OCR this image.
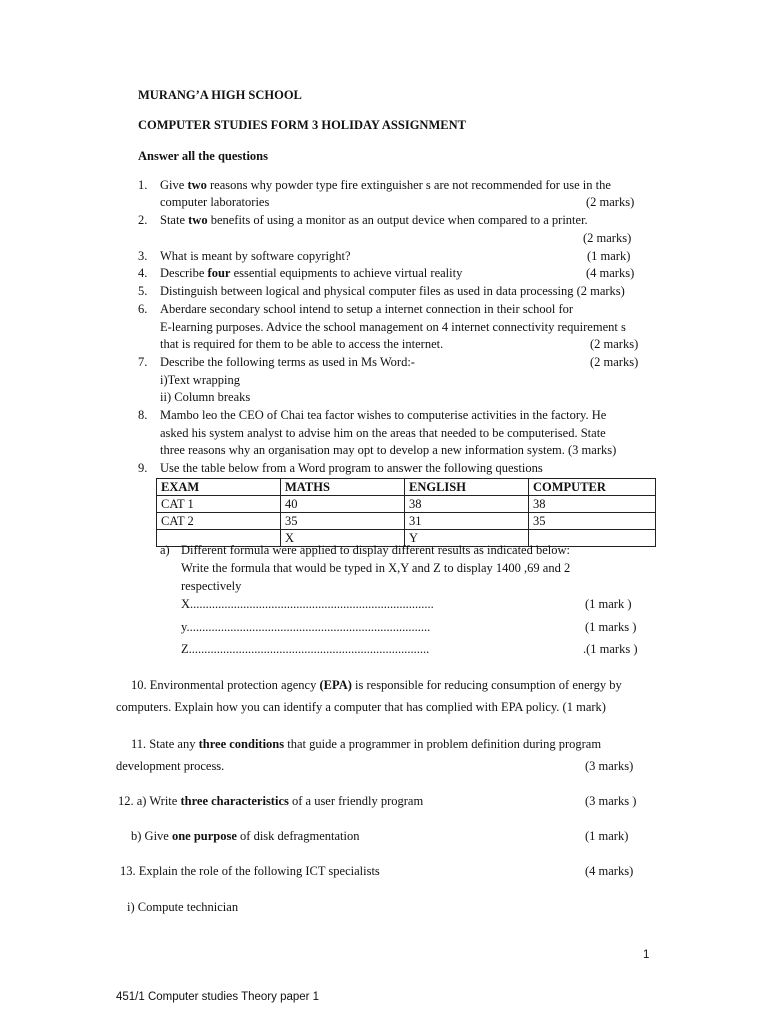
MURANG’A HIGH SCHOOL
COMPUTER STUDIES FORM 3 HOLIDAY ASSIGNMENT
Answer all the questions
1. Give two reasons why powder type fire extinguisher s are not recommended for use in the
computer laboratories	(2 marks)
2. State two benefits of using a monitor as an output device when compared to a printer.
(2 marks)
3. What is meant by software copyright?	(1 mark)
4. Describe four essential equipments to achieve virtual reality	(4 marks)
5. Distinguish between logical and physical computer files as used in data processing (2 marks)
6. Aberdare secondary school intend to setup a internet connection in their school for
E-learning purposes. Advice the school management on 4 internet connectivity requirement s
that is required for them to be able to access the internet.	(2 marks)
7. Describe the following terms as used in Ms Word:-	(2 marks)
i)Text wrapping
ii) Column breaks
8. Mambo leo the CEO of Chai tea factor wishes to computerise activities in the factory. He
asked his system analyst to advise him on the areas that needed to be computerised. State
three reasons why an organisation may opt to develop a new information system. (3 marks)
9. Use the table below from a Word program to answer the following questions
EXAM	MATHS	ENGLISH	COMPUTER
CAT 1	40	38	38
CAT 2	35	31	35
	X	Y	
a) Different formula were applied to display different results as indicated below:
Write the formula that would be typed in X,Y and Z to display 1400 ,69 and 2
respectively
X..............................................................................	(1 mark )
y..............................................................................	(1 marks )
Z.............................................................................	.(1 marks )
10. Environmental protection agency (EPA) is responsible for reducing consumption of energy by
computers. Explain how you can identify a computer that has complied with EPA policy. (1 mark)
11. State any three conditions that guide a programmer in problem definition during program
development process.	(3 marks)
12. a) Write three characteristics of a user friendly program	(3 marks )
b) Give one purpose of disk defragmentation	(1 mark)
13. Explain the role of the following ICT specialists	(4 marks)
i) Compute technician
1
451/1 Computer studies Theory paper 1
